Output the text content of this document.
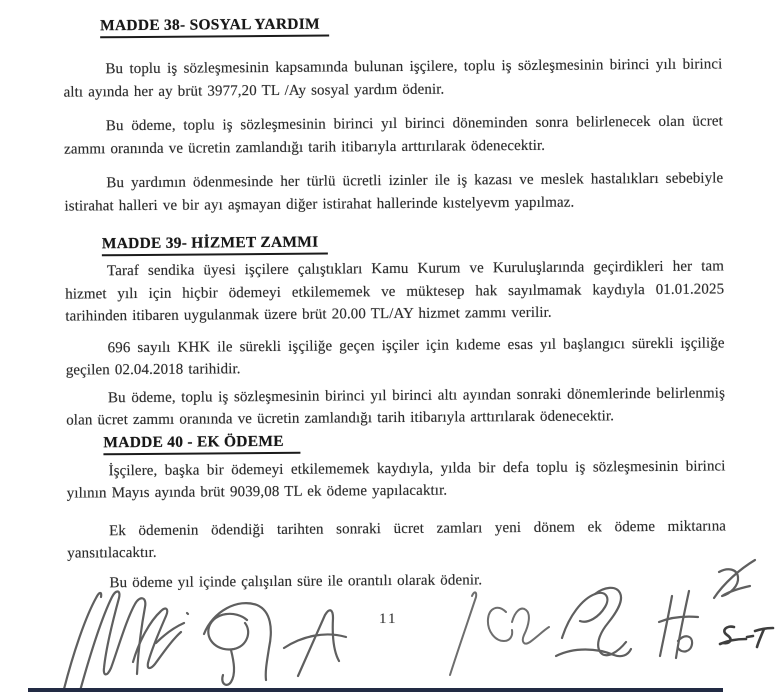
MADDE 38- SOSYAL YARDIM

Bu toplu iş sözleşmesinin kapsamında bulunan işçilere, toplu iş sözleşmesinin birinci yılı birinci altı ayında her ay brüt 3977,20 TL /Ay sosyal yardım ödenir.

Bu ödeme, toplu iş sözleşmesinin birinci yıl birinci döneminden sonra belirlenecek olan ücret zammı oranında ve ücretin zamlandığı tarih itibarıyla arttırılarak ödenecektir.

Bu yardımın ödenmesinde her türlü ücretli izinler ile iş kazası ve meslek hastalıkları sebebiyle istirahat halleri ve bir ayı aşmayan diğer istirahat hallerinde kıstelyevm yapılmaz.

MADDE 39- HİZMET ZAMMI

Taraf sendika üyesi işçilere çalıştıkları Kamu Kurum ve Kuruluşlarında geçirdikleri her tam hizmet yılı için hiçbir ödemeyi etkilememek ve müktesep hak sayılmamak kaydıyla 01.01.2025 tarihinden itibaren uygulanmak üzere brüt 20.00 TL/AY hizmet zammı verilir.

696 sayılı KHK ile sürekli işçiliğe geçen işçiler için kıdeme esas yıl başlangıcı sürekli işçiliğe geçilen 02.04.2018 tarihidir.

Bu ödeme, toplu iş sözleşmesinin birinci yıl birinci altı ayından sonraki dönemlerinde belirlenmiş olan ücret zammı oranında ve ücretin zamlandığı tarih itibarıyla arttırılarak ödenecektir.

MADDE 40 - EK ÖDEME

İşçilere, başka bir ödemeyi etkilememek kaydıyla, yılda bir defa toplu iş sözleşmesinin birinci yılının Mayıs ayında brüt 9039,08 TL ek ödeme yapılacaktır.

Ek ödemenin ödendiği tarihten sonraki ücret zamları yeni dönem ek ödeme miktarına yansıtılacaktır.

Bu ödeme yıl içinde çalışılan süre ile orantılı olarak ödenir.

11
